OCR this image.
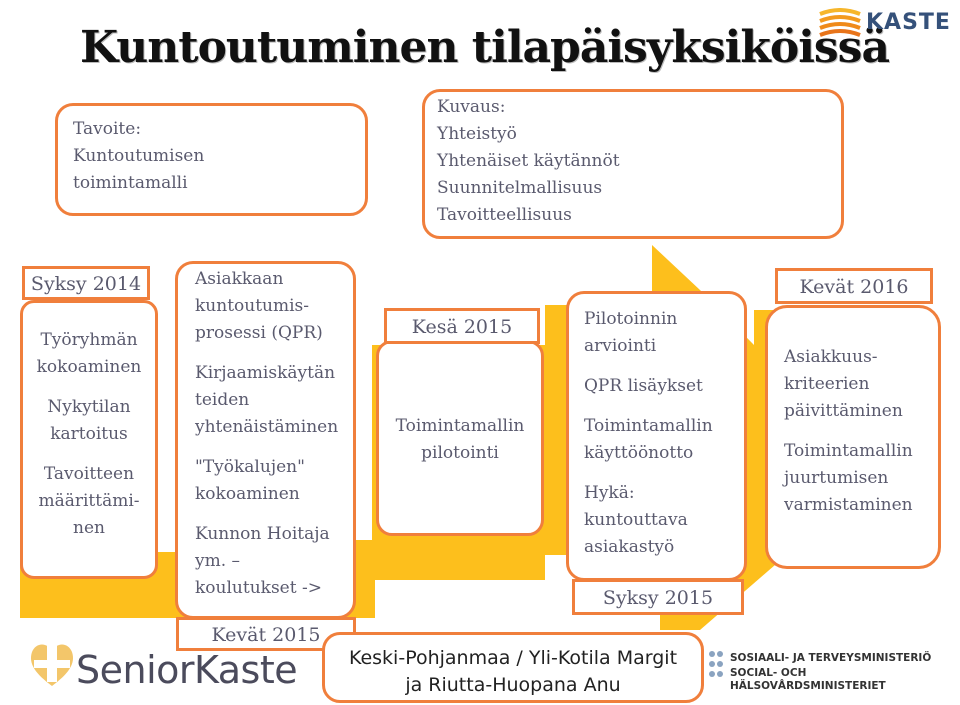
Kuntoutuminen tilapäisyksiköissä
KASTE

Tavoite:

Kuntoutumisen

toimintamalli

Kuvaus:

Yhteistyö

Yhtenäiset käytännöt

Suunnitelmallisuus

Tavoitteellisuus

Työryhmän

kokoaminen

Nykytilan

kartoitus

Tavoitteen

määrittämi-

nen

Syksy 2014	Asiakkaan

kuntoutumis-

prosessi (QPR)

Kirjaamiskäytän

teiden

yhtenäistäminen

"Työkalujen"

kokoaminen

Kunnon Hoitaja

ym. –

koulutukset ->

Kevät 2015

Toimintamallin

pilotointi

Kesä 2015	Pilotoinnin

arviointi

QPR lisäykset

Toimintamallin

käyttöönotto

Hykä:

kuntouttava

asiakastyö

Syksy 2015

Asiakkuus-

kriteerien

päivittäminen

Toimintamallin

juurtumisen

varmistaminen

Kevät 2016
Keski-Pohjanmaa / Yli-Kotila Margit
ja Riutta-Huopana Anu
SeniorKaste	SOSIAALI- JA TERVEYSMINISTERIÖ
SOCIAL- OCH HÄLSOVÅRDSMINISTERIET
